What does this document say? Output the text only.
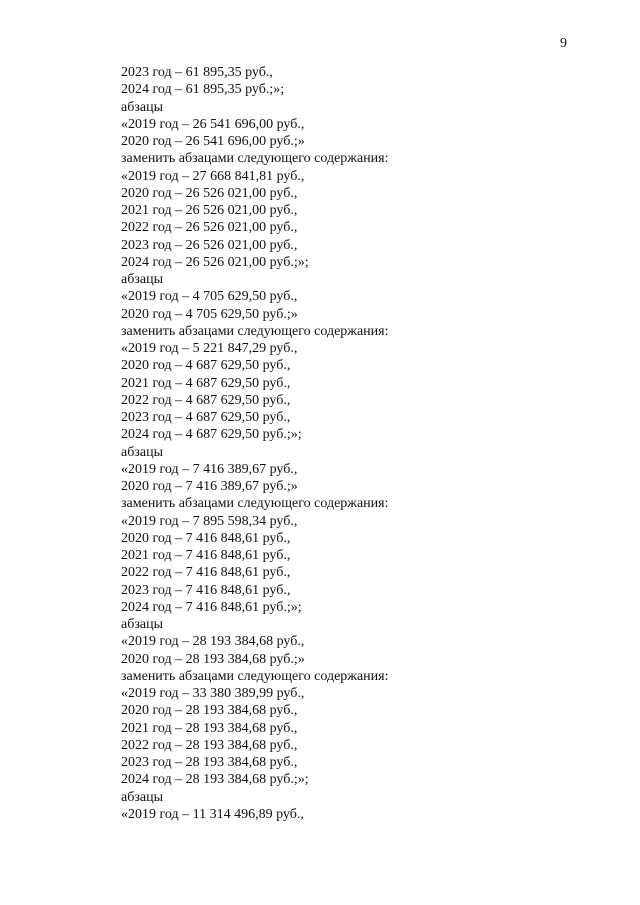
9
2023 год – 61 895,35 руб.,
2024 год – 61 895,35 руб.;»;
абзацы
«2019 год – 26 541 696,00 руб.,
2020 год – 26 541 696,00 руб.;»
заменить абзацами следующего содержания:
«2019 год – 27 668 841,81 руб.,
2020 год – 26 526 021,00 руб.,
2021 год – 26 526 021,00 руб.,
2022 год – 26 526 021,00 руб.,
2023 год – 26 526 021,00 руб.,
2024 год – 26 526 021,00 руб.;»;
абзацы
«2019 год – 4 705 629,50 руб.,
2020 год – 4 705 629,50 руб.;»
заменить абзацами следующего содержания:
«2019 год – 5 221 847,29 руб.,
2020 год – 4 687 629,50 руб.,
2021 год – 4 687 629,50 руб.,
2022 год – 4 687 629,50 руб.,
2023 год – 4 687 629,50 руб.,
2024 год – 4 687 629,50 руб.;»;
абзацы
«2019 год – 7 416 389,67 руб.,
2020 год – 7 416 389,67 руб.;»
заменить абзацами следующего содержания:
«2019 год – 7 895 598,34 руб.,
2020 год – 7 416 848,61 руб.,
2021 год – 7 416 848,61 руб.,
2022 год – 7 416 848,61 руб.,
2023 год – 7 416 848,61 руб.,
2024 год – 7 416 848,61 руб.;»;
абзацы
«2019 год – 28 193 384,68 руб.,
2020 год – 28 193 384,68 руб.;»
заменить абзацами следующего содержания:
«2019 год – 33 380 389,99 руб.,
2020 год – 28 193 384,68 руб.,
2021 год – 28 193 384,68 руб.,
2022 год – 28 193 384,68 руб.,
2023 год – 28 193 384,68 руб.,
2024 год – 28 193 384,68 руб.;»;
абзацы
«2019 год – 11 314 496,89 руб.,
